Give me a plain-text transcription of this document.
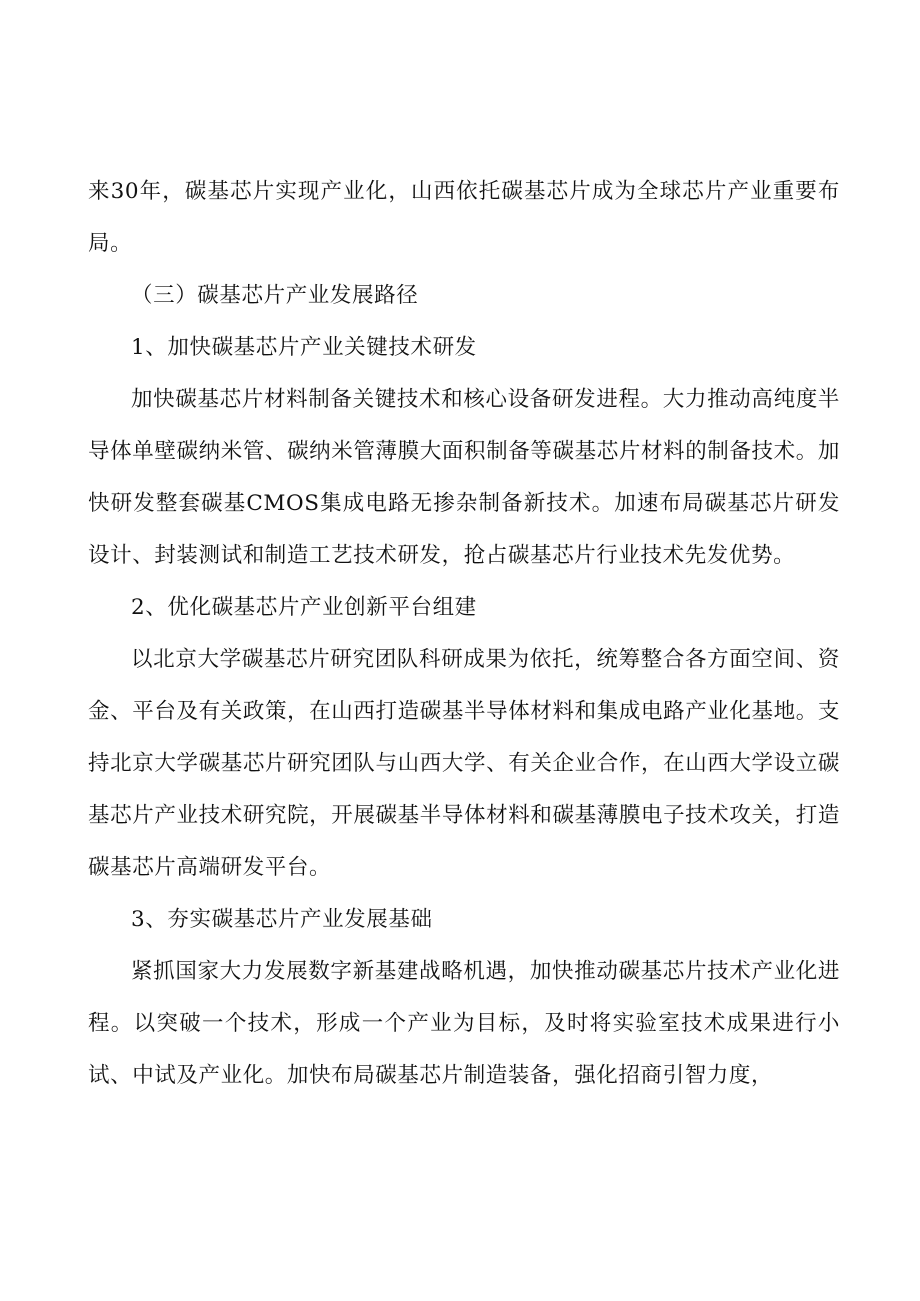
来30年，碳基芯片实现产业化，山西依托碳基芯片成为全球芯片产业重要布局。

（三）碳基芯片产业发展路径

1、加快碳基芯片产业关键技术研发

加快碳基芯片材料制备关键技术和核心设备研发进程。大力推动高纯度半导体单壁碳纳米管、碳纳米管薄膜大面积制备等碳基芯片材料的制备技术。加快研发整套碳基CMOS集成电路无掺杂制备新技术。加速布局碳基芯片研发设计、封装测试和制造工艺技术研发，抢占碳基芯片行业技术先发优势。

2、优化碳基芯片产业创新平台组建

以北京大学碳基芯片研究团队科研成果为依托，统筹整合各方面空间、资金、平台及有关政策，在山西打造碳基半导体材料和集成电路产业化基地。支持北京大学碳基芯片研究团队与山西大学、有关企业合作，在山西大学设立碳基芯片产业技术研究院，开展碳基半导体材料和碳基薄膜电子技术攻关，打造碳基芯片高端研发平台。

3、夯实碳基芯片产业发展基础

紧抓国家大力发展数字新基建战略机遇，加快推动碳基芯片技术产业化进程。以突破一个技术，形成一个产业为目标，及时将实验室技术成果进行小试、中试及产业化。加快布局碳基芯片制造装备，强化招商引智力度，
